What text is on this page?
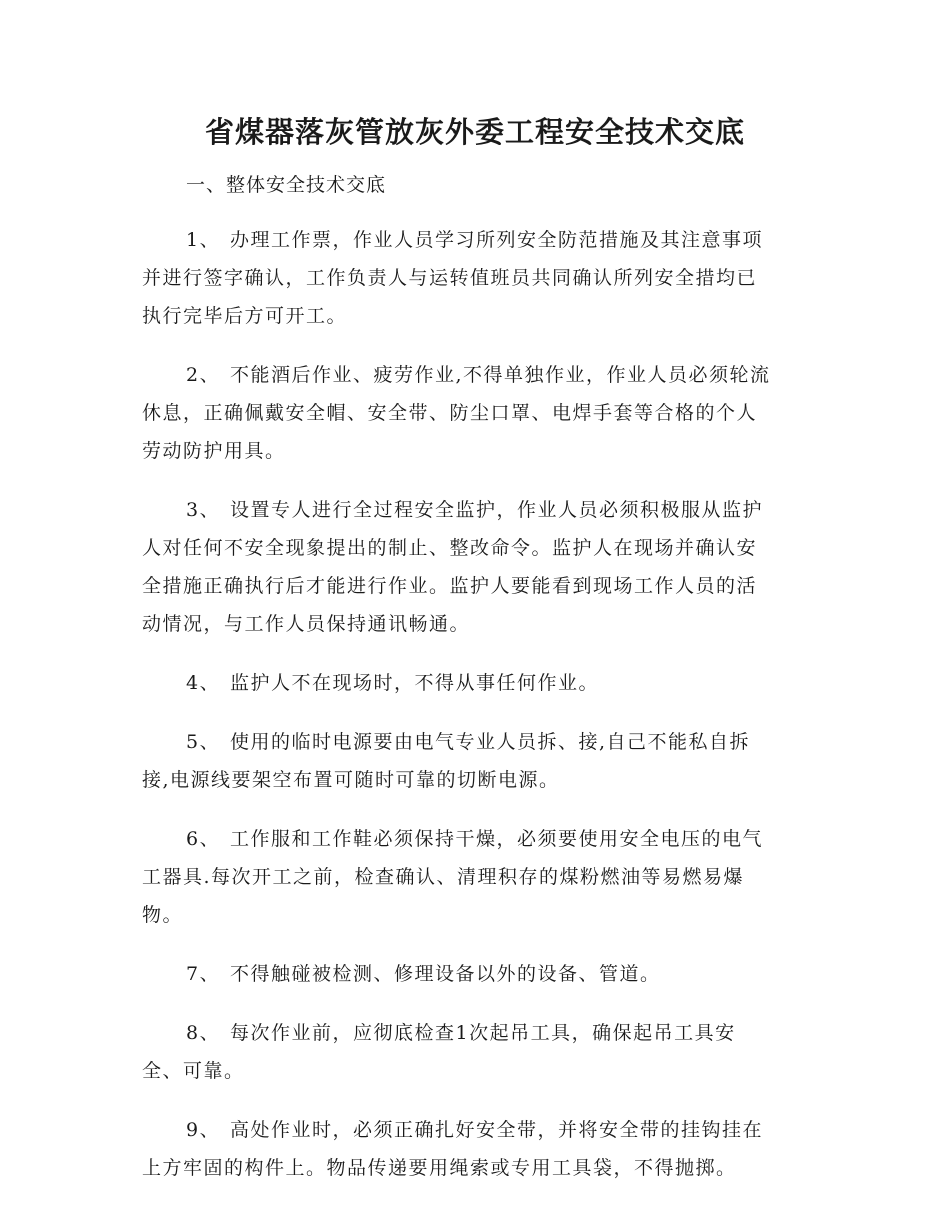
省煤器落灰管放灰外委工程安全技术交底

一、整体安全技术交底

1、 办理工作票，作业人员学习所列安全防范措施及其注意事项
并进行签字确认，工作负责人与运转值班员共同确认所列安全措均已
执行完毕后方可开工。
2、 不能酒后作业、疲劳作业,不得单独作业，作业人员必须轮流
休息，正确佩戴安全帽、安全带、防尘口罩、电焊手套等合格的个人
劳动防护用具。
3、 设置专人进行全过程安全监护，作业人员必须积极服从监护
人对任何不安全现象提出的制止、整改命令。监护人在现场并确认安
全措施正确执行后才能进行作业。监护人要能看到现场工作人员的活
动情况，与工作人员保持通讯畅通。
4、 监护人不在现场时，不得从事任何作业。
5、 使用的临时电源要由电气专业人员拆、接,自己不能私自拆
接,电源线要架空布置可随时可靠的切断电源。
6、 工作服和工作鞋必须保持干燥，必须要使用安全电压的电气
工器具.每次开工之前，检查确认、清理积存的煤粉燃油等易燃易爆
物。
7、 不得触碰被检测、修理设备以外的设备、管道。
8、 每次作业前，应彻底检查1次起吊工具，确保起吊工具安
全、可靠。
9、 高处作业时，必须正确扎好安全带，并将安全带的挂钩挂在
上方牢固的构件上。物品传递要用绳索或专用工具袋，不得抛掷。
